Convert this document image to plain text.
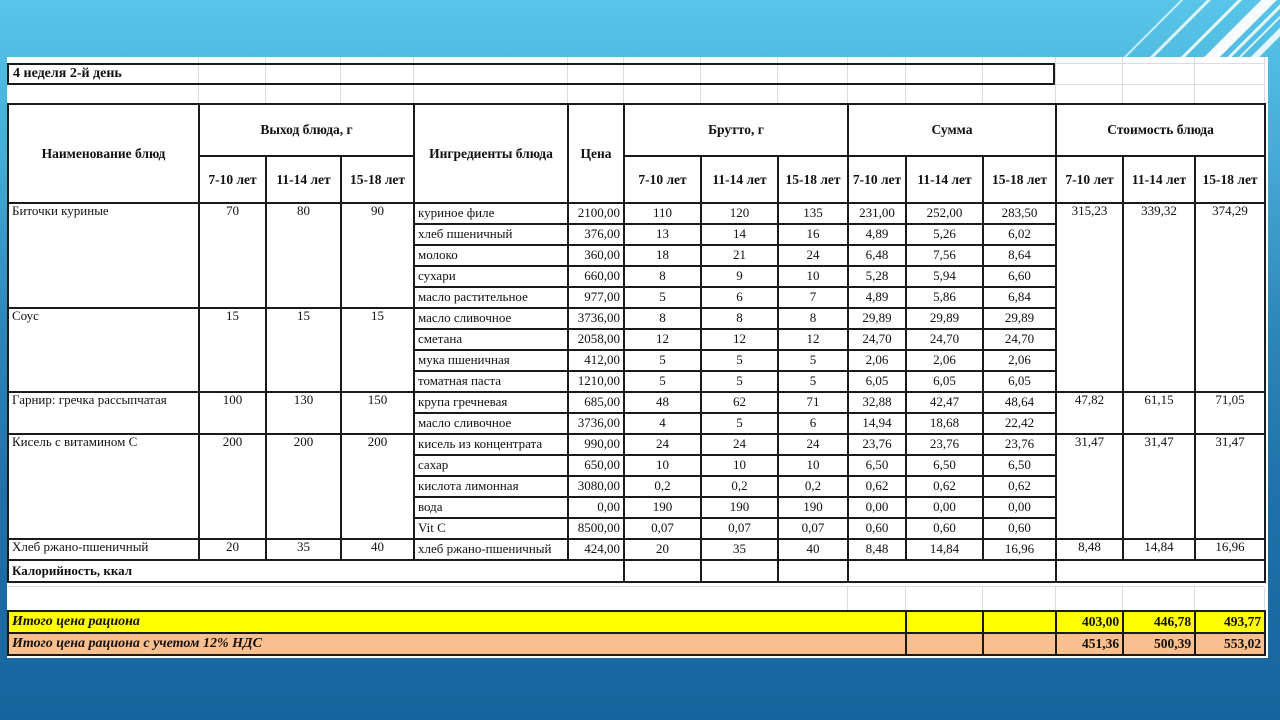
4 неделя 2-й день
Наименование блюд	Выход блюда, г			Ингредиенты блюда	Цена	Брутто, г			Сумма			Стоимость блюда		
	7-10 лет	11-14 лет	15-18 лет			7-10 лет	11-14 лет	15-18 лет	7-10 лет	11-14 лет	15-18 лет	7-10 лет	11-14 лет	15-18 лет
Биточки куриные	70	80	90	куриное филе	2100,00	110	120	135	231,00	252,00	283,50	315,23	339,32	374,29
				хлеб пшеничный	376,00	13	14	16	4,89	5,26	6,02			
				молоко	360,00	18	21	24	6,48	7,56	8,64			
				сухари	660,00	8	9	10	5,28	5,94	6,60			
				масло растительное	977,00	5	6	7	4,89	5,86	6,84			
Соус	15	15	15	масло сливочное	3736,00	8	8	8	29,89	29,89	29,89			
				сметана	2058,00	12	12	12	24,70	24,70	24,70			
				мука пшеничная	412,00	5	5	5	2,06	2,06	2,06			
				томатная паста	1210,00	5	5	5	6,05	6,05	6,05			
Гарнир: гречка рассыпчатая	100	130	150	крупа гречневая	685,00	48	62	71	32,88	42,47	48,64	47,82	61,15	71,05
				масло сливочное	3736,00	4	5	6	14,94	18,68	22,42			
Кисель с витамином С	200	200	200	кисель из концентрата	990,00	24	24	24	23,76	23,76	23,76	31,47	31,47	31,47
				сахар	650,00	10	10	10	6,50	6,50	6,50			
				кислота лимонная	3080,00	0,2	0,2	0,2	0,62	0,62	0,62			
				вода	0,00	190	190	190	0,00	0,00	0,00			
				Vit C	8500,00	0,07	0,07	0,07	0,60	0,60	0,60			
Хлеб ржано-пшеничный	20	35	40	хлеб ржано-пшеничный	424,00	20	35	40	8,48	14,84	16,96	8,48	14,84	16,96
Калорийность, ккал														
Итого цена рациона			403,00	446,78	493,77
Итого цена рациона с учетом 12% НДС			451,36	500,39	553,02
